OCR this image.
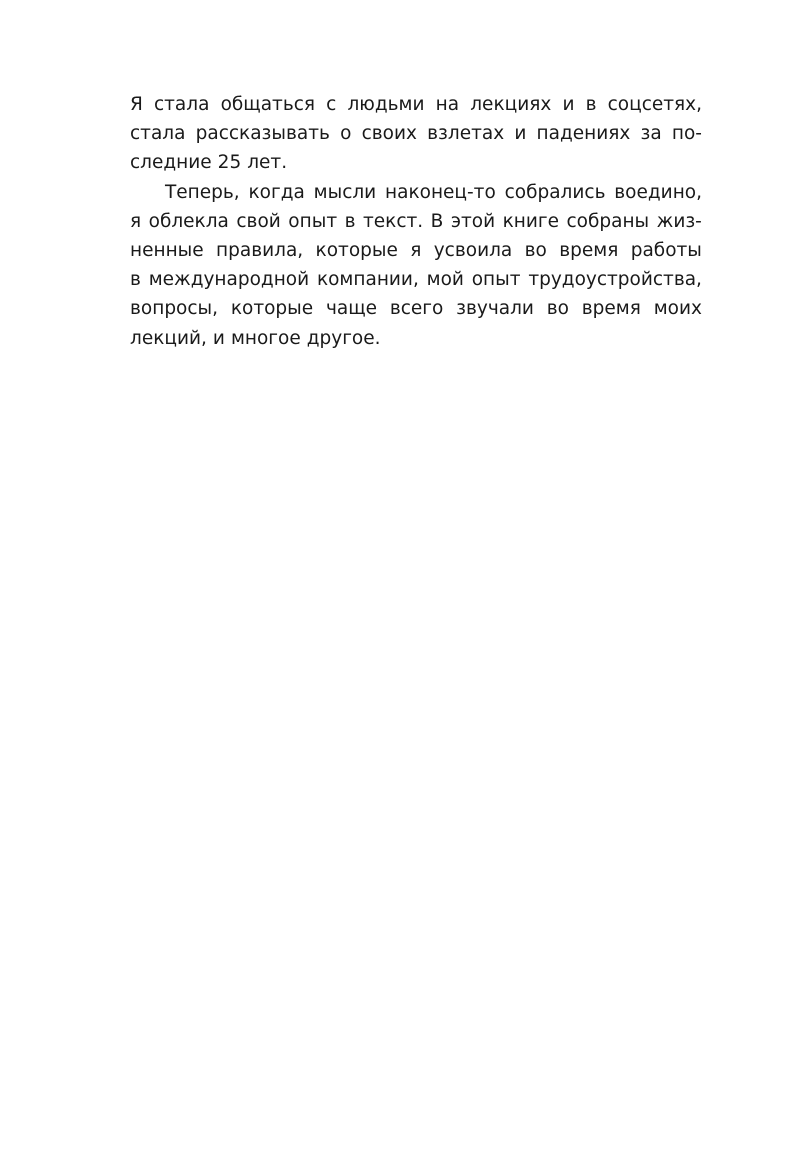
Я стала общаться с людьми на лекциях и в соцсетях,
стала рассказывать о своих взлетах и падениях за по-
следние 25 лет.
Теперь, когда мысли наконец-то собрались воедино,
я облекла свой опыт в текст. В этой книге собраны жиз-
ненные правила, которые я усвоила во время работы
в международной компании, мой опыт трудоустройства,
вопросы, которые чаще всего звучали во время моих
лекций, и многое другое.
